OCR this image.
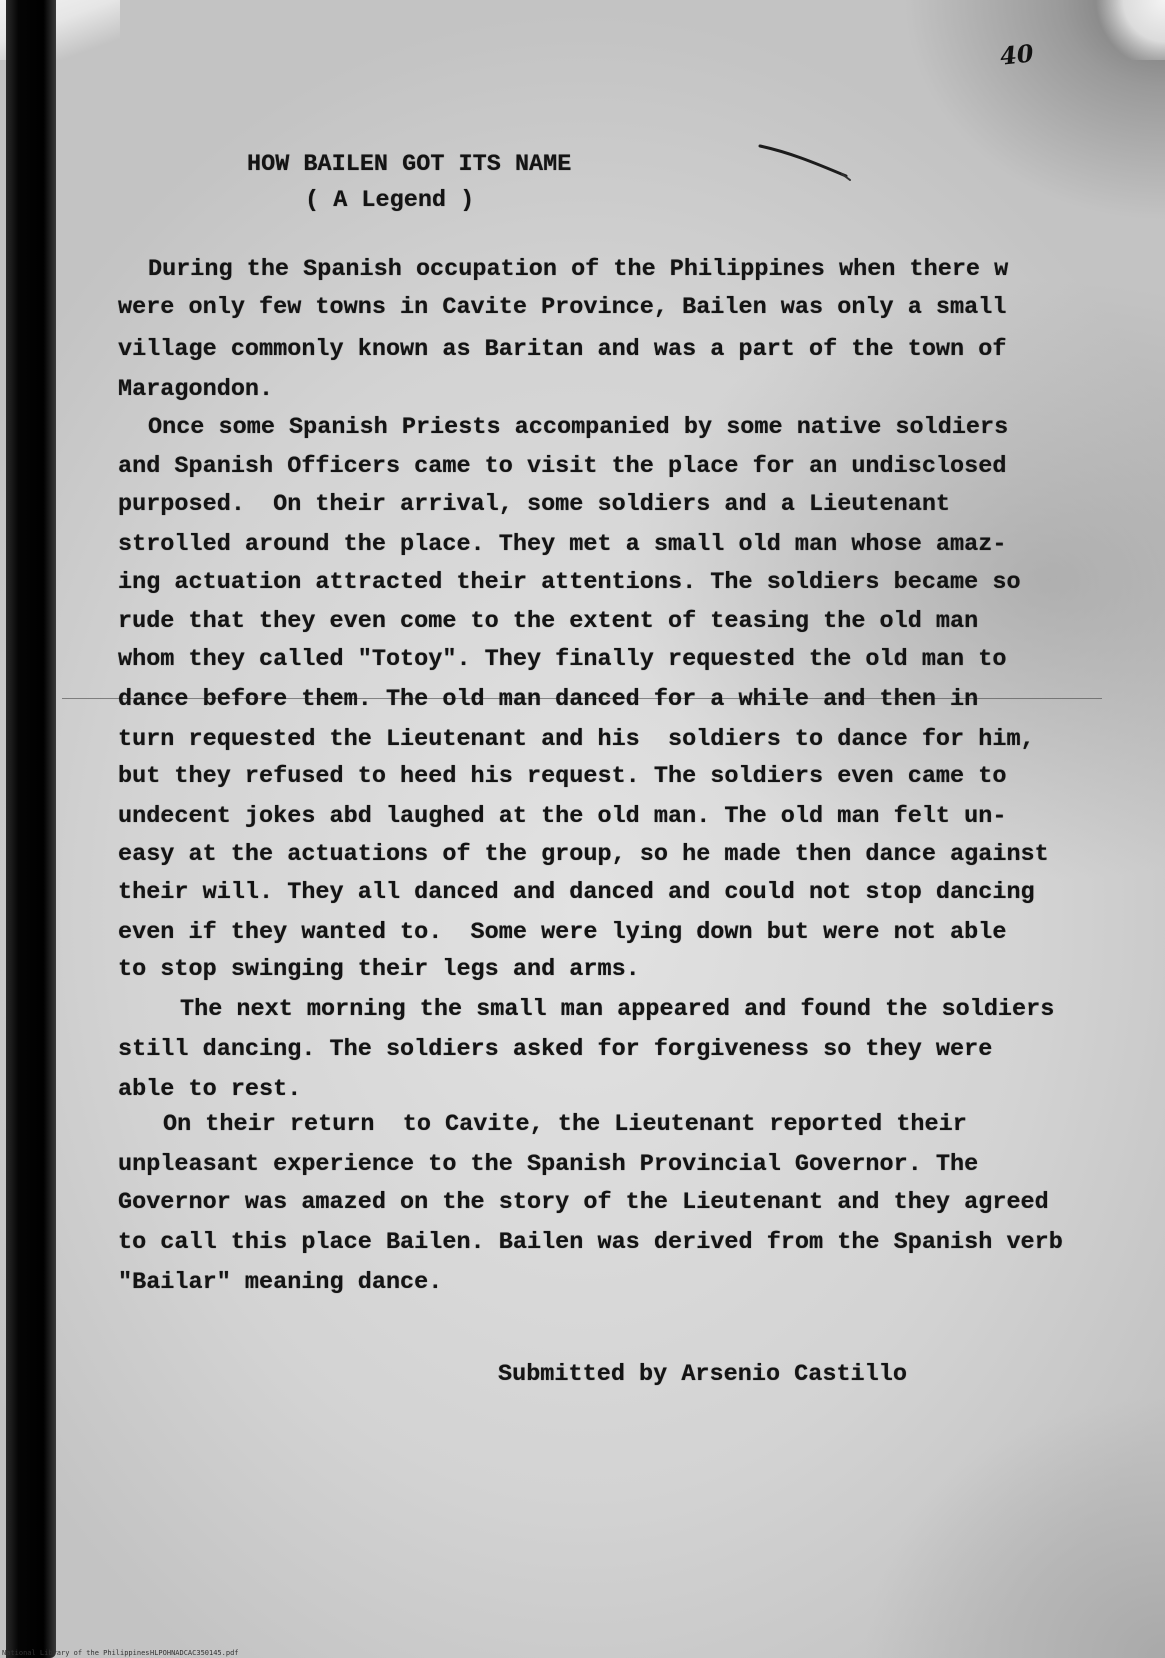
40
HOW BAILEN GOT ITS NAME
( A Legend )
During the Spanish occupation of the Philippines when there w
were only few towns in Cavite Province, Bailen was only a small
village commonly known as Baritan and was a part of the town of
Maragondon.
Once some Spanish Priests accompanied by some native soldiers
and Spanish Officers came to visit the place for an undisclosed
purposed.  On their arrival, some soldiers and a Lieutenant
strolled around the place. They met a small old man whose amaz-
ing actuation attracted their attentions. The soldiers became so
rude that they even come to the extent of teasing the old man
whom they called "Totoy". They finally requested the old man to
dance before them. The old man danced for a while and then in
turn requested the Lieutenant and his  soldiers to dance for him,
but they refused to heed his request. The soldiers even came to
undecent jokes abd laughed at the old man. The old man felt un-
easy at the actuations of the group, so he made then dance against
their will. They all danced and danced and could not stop dancing
even if they wanted to.  Some were lying down but were not able
to stop swinging their legs and arms.
The next morning the small man appeared and found the soldiers
still dancing. The soldiers asked for forgiveness so they were
able to rest.
On their return  to Cavite, the Lieutenant reported their
unpleasant experience to the Spanish Provincial Governor. The
Governor was amazed on the story of the Lieutenant and they agreed
to call this place Bailen. Bailen was derived from the Spanish verb
"Bailar" meaning dance.
Submitted by Arsenio Castillo
National Library of the Philippines HLPOHNADCAC350145.pdf
